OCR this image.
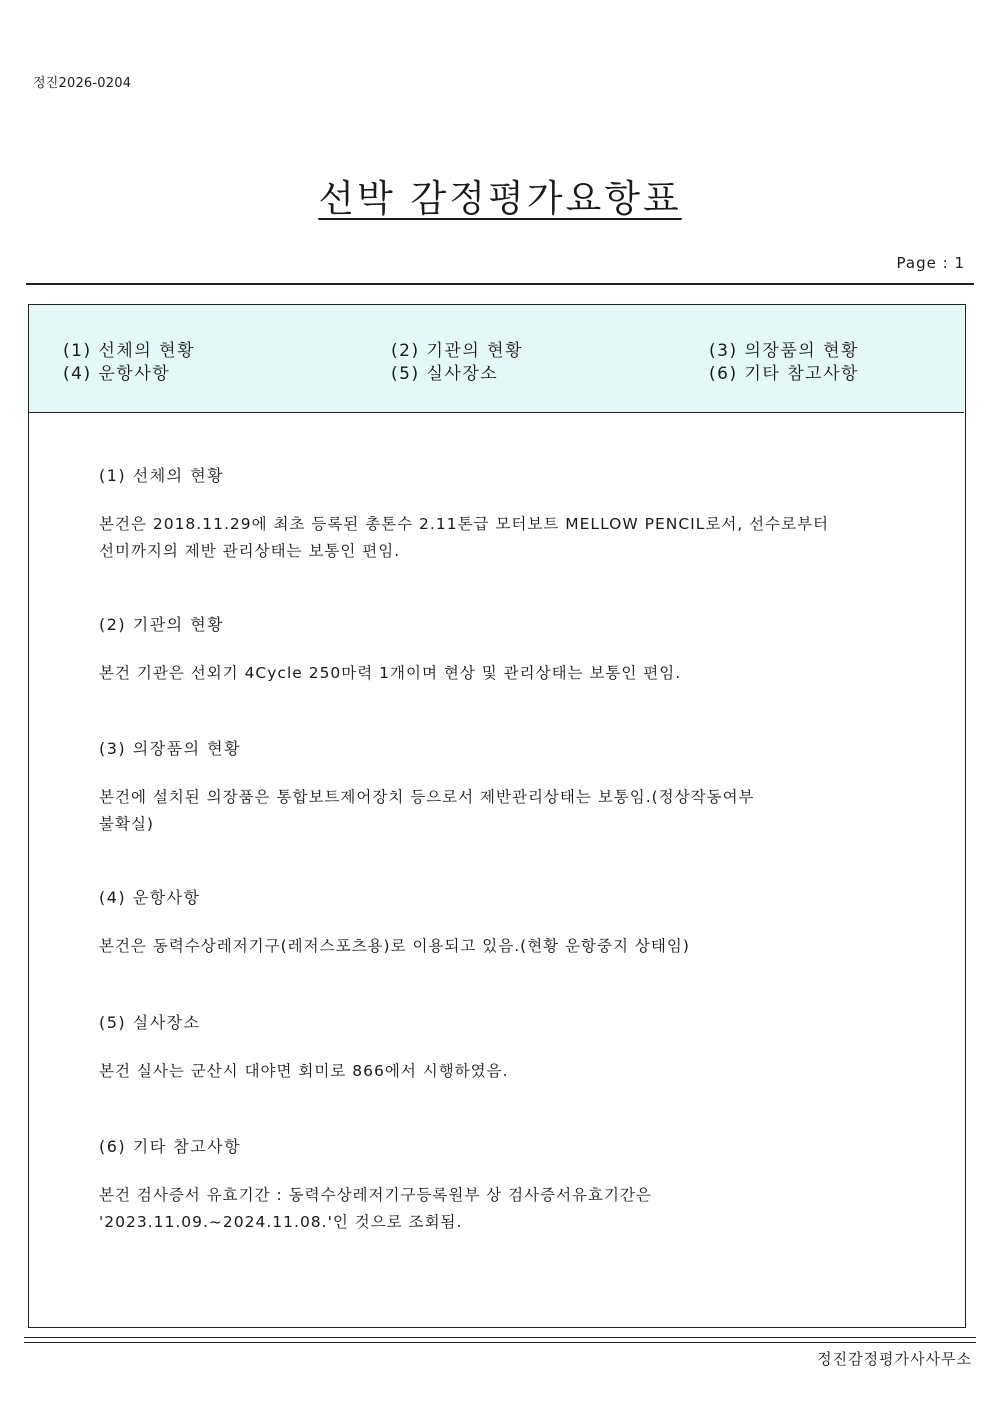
정진2026-0204
선박 감정평가요항표
Page : 1
(1) 선체의 현황	(2) 기관의 현황	(3) 의장품의 현황
(4) 운항사항	(5) 실사장소	(6) 기타 참고사항

(1) 선체의 현황

본건은 2018.11.29에 최초 등록된 총톤수 2.11톤급 모터보트 MELLOW PENCIL로서, 선수로부터
선미까지의 제반 관리상태는 보통인 편임.

(2) 기관의 현황

본건 기관은 선외기 4Cycle 250마력 1개이며 현상 및 관리상태는 보통인 편임.

(3) 의장품의 현황

본건에 설치된 의장품은 통합보트제어장치 등으로서 제반관리상태는 보통임.(정상작동여부
불확실)

(4) 운항사항

본건은 동력수상레저기구(레저스포츠용)로 이용되고 있음.(현황 운항중지 상태임)

(5) 실사장소

본건 실사는 군산시 대야면 회미로 866에서 시행하였음.

(6) 기타 참고사항

본건 검사증서 유효기간 : 동력수상레저기구등록원부 상 검사증서유효기간은
'2023.11.09.~2024.11.08.'인 것으로 조회됨.

정진감정평가사사무소
